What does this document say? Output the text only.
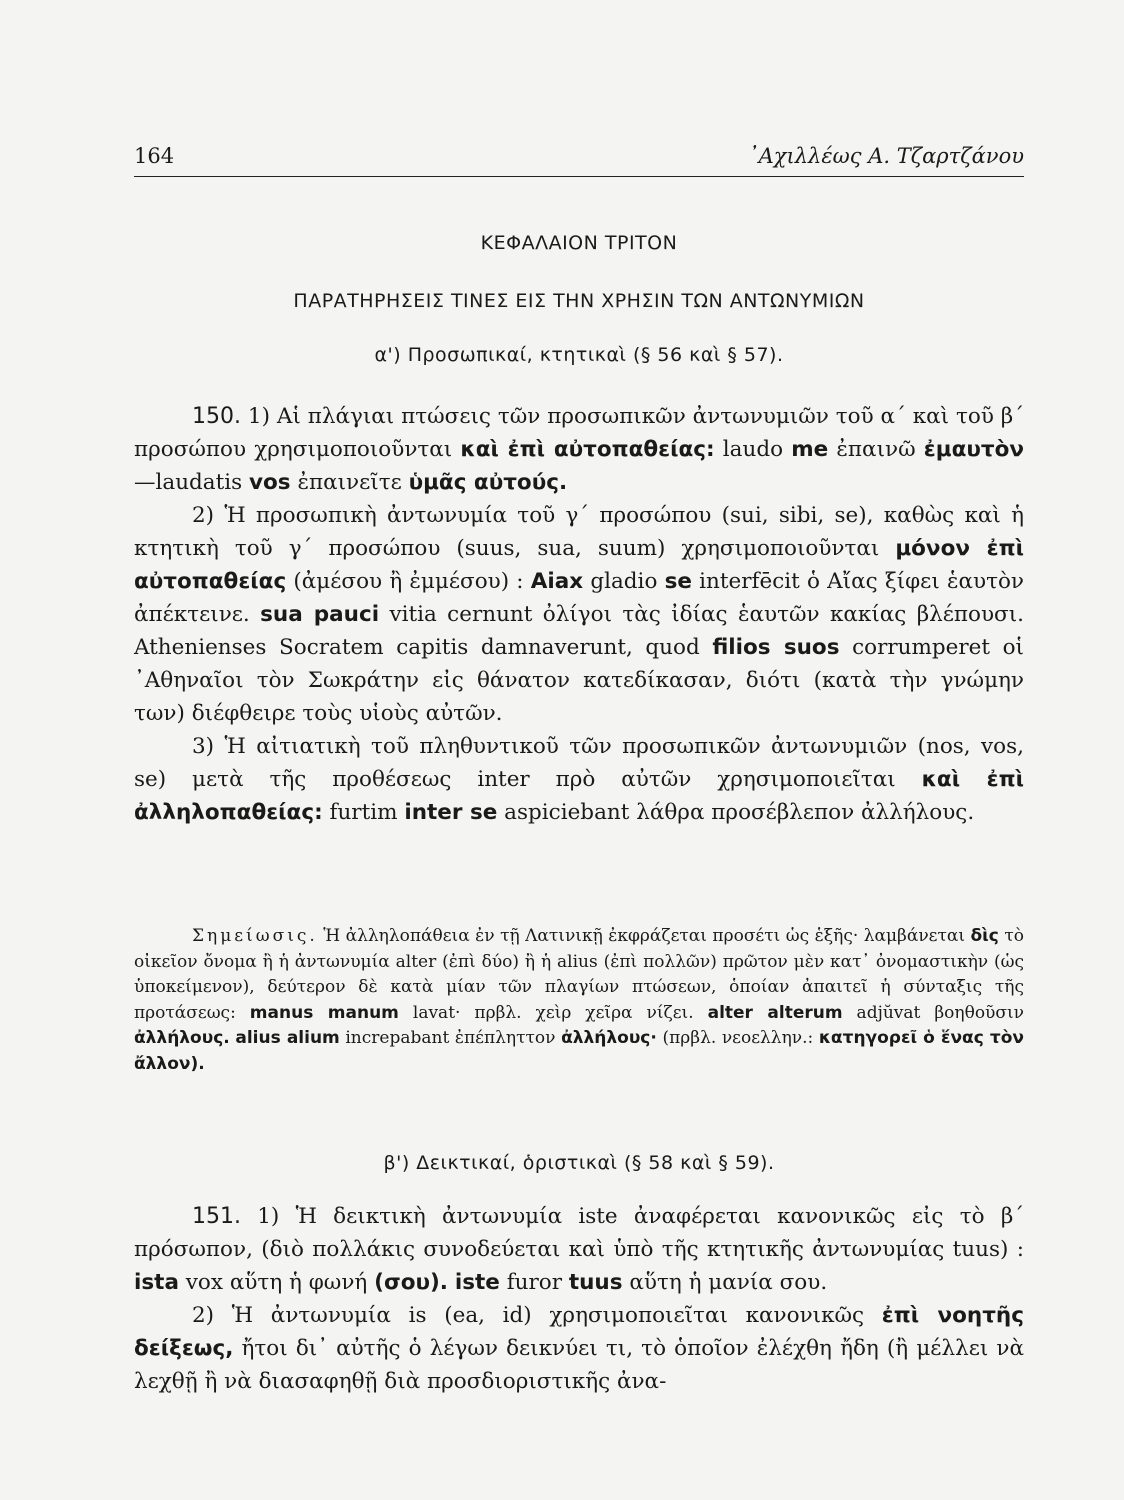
164	᾿Αχιλλέως Α. Τζαρτζάνου
ΚΕΦΑΛΑΙΟΝ ΤΡΙΤΟΝ
ΠΑΡΑΤΗΡΗΣΕΙΣ ΤΙΝΕΣ ΕΙΣ ΤΗΝ ΧΡΗΣΙΝ ΤΩΝ ΑΝΤΩΝΥΜΙΩΝ
α') Προσωπικαί, κτητικαὶ (§ 56 καὶ § 57).

150. 1) Αἱ πλάγιαι πτώσεις τῶν προσωπικῶν ἀντωνυμιῶν τοῦ α΄ καὶ τοῦ β΄ προσώπου χρησιμοποιοῦνται καὶ ἐπὶ αὐτοπαθείας: laudo me ἐπαινῶ ἐμαυτὸν—laudatis vos ἐπαινεῖτε ὑμᾶς αὐτούς.

2) Ἡ προσωπικὴ ἀντωνυμία τοῦ γ΄ προσώπου (sui, sibi, se), καθὼς καὶ ἡ κτητικὴ τοῦ γ΄ προσώπου (suus, sua, suum) χρησιμοποιοῦνται μόνον ἐπὶ αὐτοπαθείας (ἀμέσου ἢ ἐμμέσου) : Aiax gladio se interfēcit ὁ Αἴας ξίφει ἑαυτὸν ἀπέκτεινε. sua pauci vitia cernunt ὀλίγοι τὰς ἰδίας ἑαυτῶν κακίας βλέπουσι. Athenienses Socratem capitis damnaverunt, quod filios suos corrumperet οἱ ᾿Αθηναῖοι τὸν Σωκράτην εἰς θάνατον κατεδίκασαν, διότι (κατὰ τὴν γνώμην των) διέφθειρε τοὺς υἱοὺς αὐτῶν.

3) Ἡ αἰτιατικὴ τοῦ πληθυντικοῦ τῶν προσωπικῶν ἀντωνυμιῶν (nos, vos, se) μετὰ τῆς προθέσεως inter πρὸ αὐτῶν χρησιμοποιεῖται καὶ ἐπὶ ἀλληλοπαθείας: furtim inter se aspiciebant λάθρα προσέβλεπον ἀλλήλους.

Σημείωσις. Ἡ ἀλληλοπάθεια ἐν τῇ Λατινικῇ ἐκφράζεται προσέτι ὡς ἑξῆς· λαμβάνεται δὶς τὸ οἰκεῖον ὄνομα ἢ ἡ ἀντωνυμία alter (ἐπὶ δύο) ἢ ἡ alius (ἐπὶ πολλῶν) πρῶτον μὲν κατ᾿ ὀνομαστικὴν (ὡς ὑποκείμενον), δεύτερον δὲ κατὰ μίαν τῶν πλαγίων πτώσεων, ὁποίαν ἀπαιτεῖ ἡ σύνταξις τῆς προτάσεως: manus manum lavat· πρβλ. χεὶρ χεῖρα νίζει. alter alterum adjŭvat βοηθοῦσιν ἀλλήλους. alius alium increpabant ἐπέπληττον ἀλλήλους· (πρβλ. νεοελλην.: κατηγορεῖ ὁ ἕνας τὸν ἄλλον).

β') Δεικτικαί, ὁριστικαὶ (§ 58 καὶ § 59).

151. 1) Ἡ δεικτικὴ ἀντωνυμία iste ἀναφέρεται κανονικῶς εἰς τὸ β΄ πρόσωπον, (διὸ πολλάκις συνοδεύεται καὶ ὑπὸ τῆς κτητικῆς ἀντωνυμίας tuus) : ista vox αὕτη ἡ φωνή (σου). iste furor tuus αὕτη ἡ μανία σου.

2) Ἡ ἀντωνυμία is (ea, id) χρησιμοποιεῖται κανονικῶς ἐπὶ νοητῆς δείξεως, ἤτοι δι᾿ αὐτῆς ὁ λέγων δεικνύει τι, τὸ ὁποῖον ἐλέχθη ἤδη (ἢ μέλλει νὰ λεχθῇ ἢ νὰ διασαφηθῇ διὰ προσδιοριστικῆς ἀνα-
